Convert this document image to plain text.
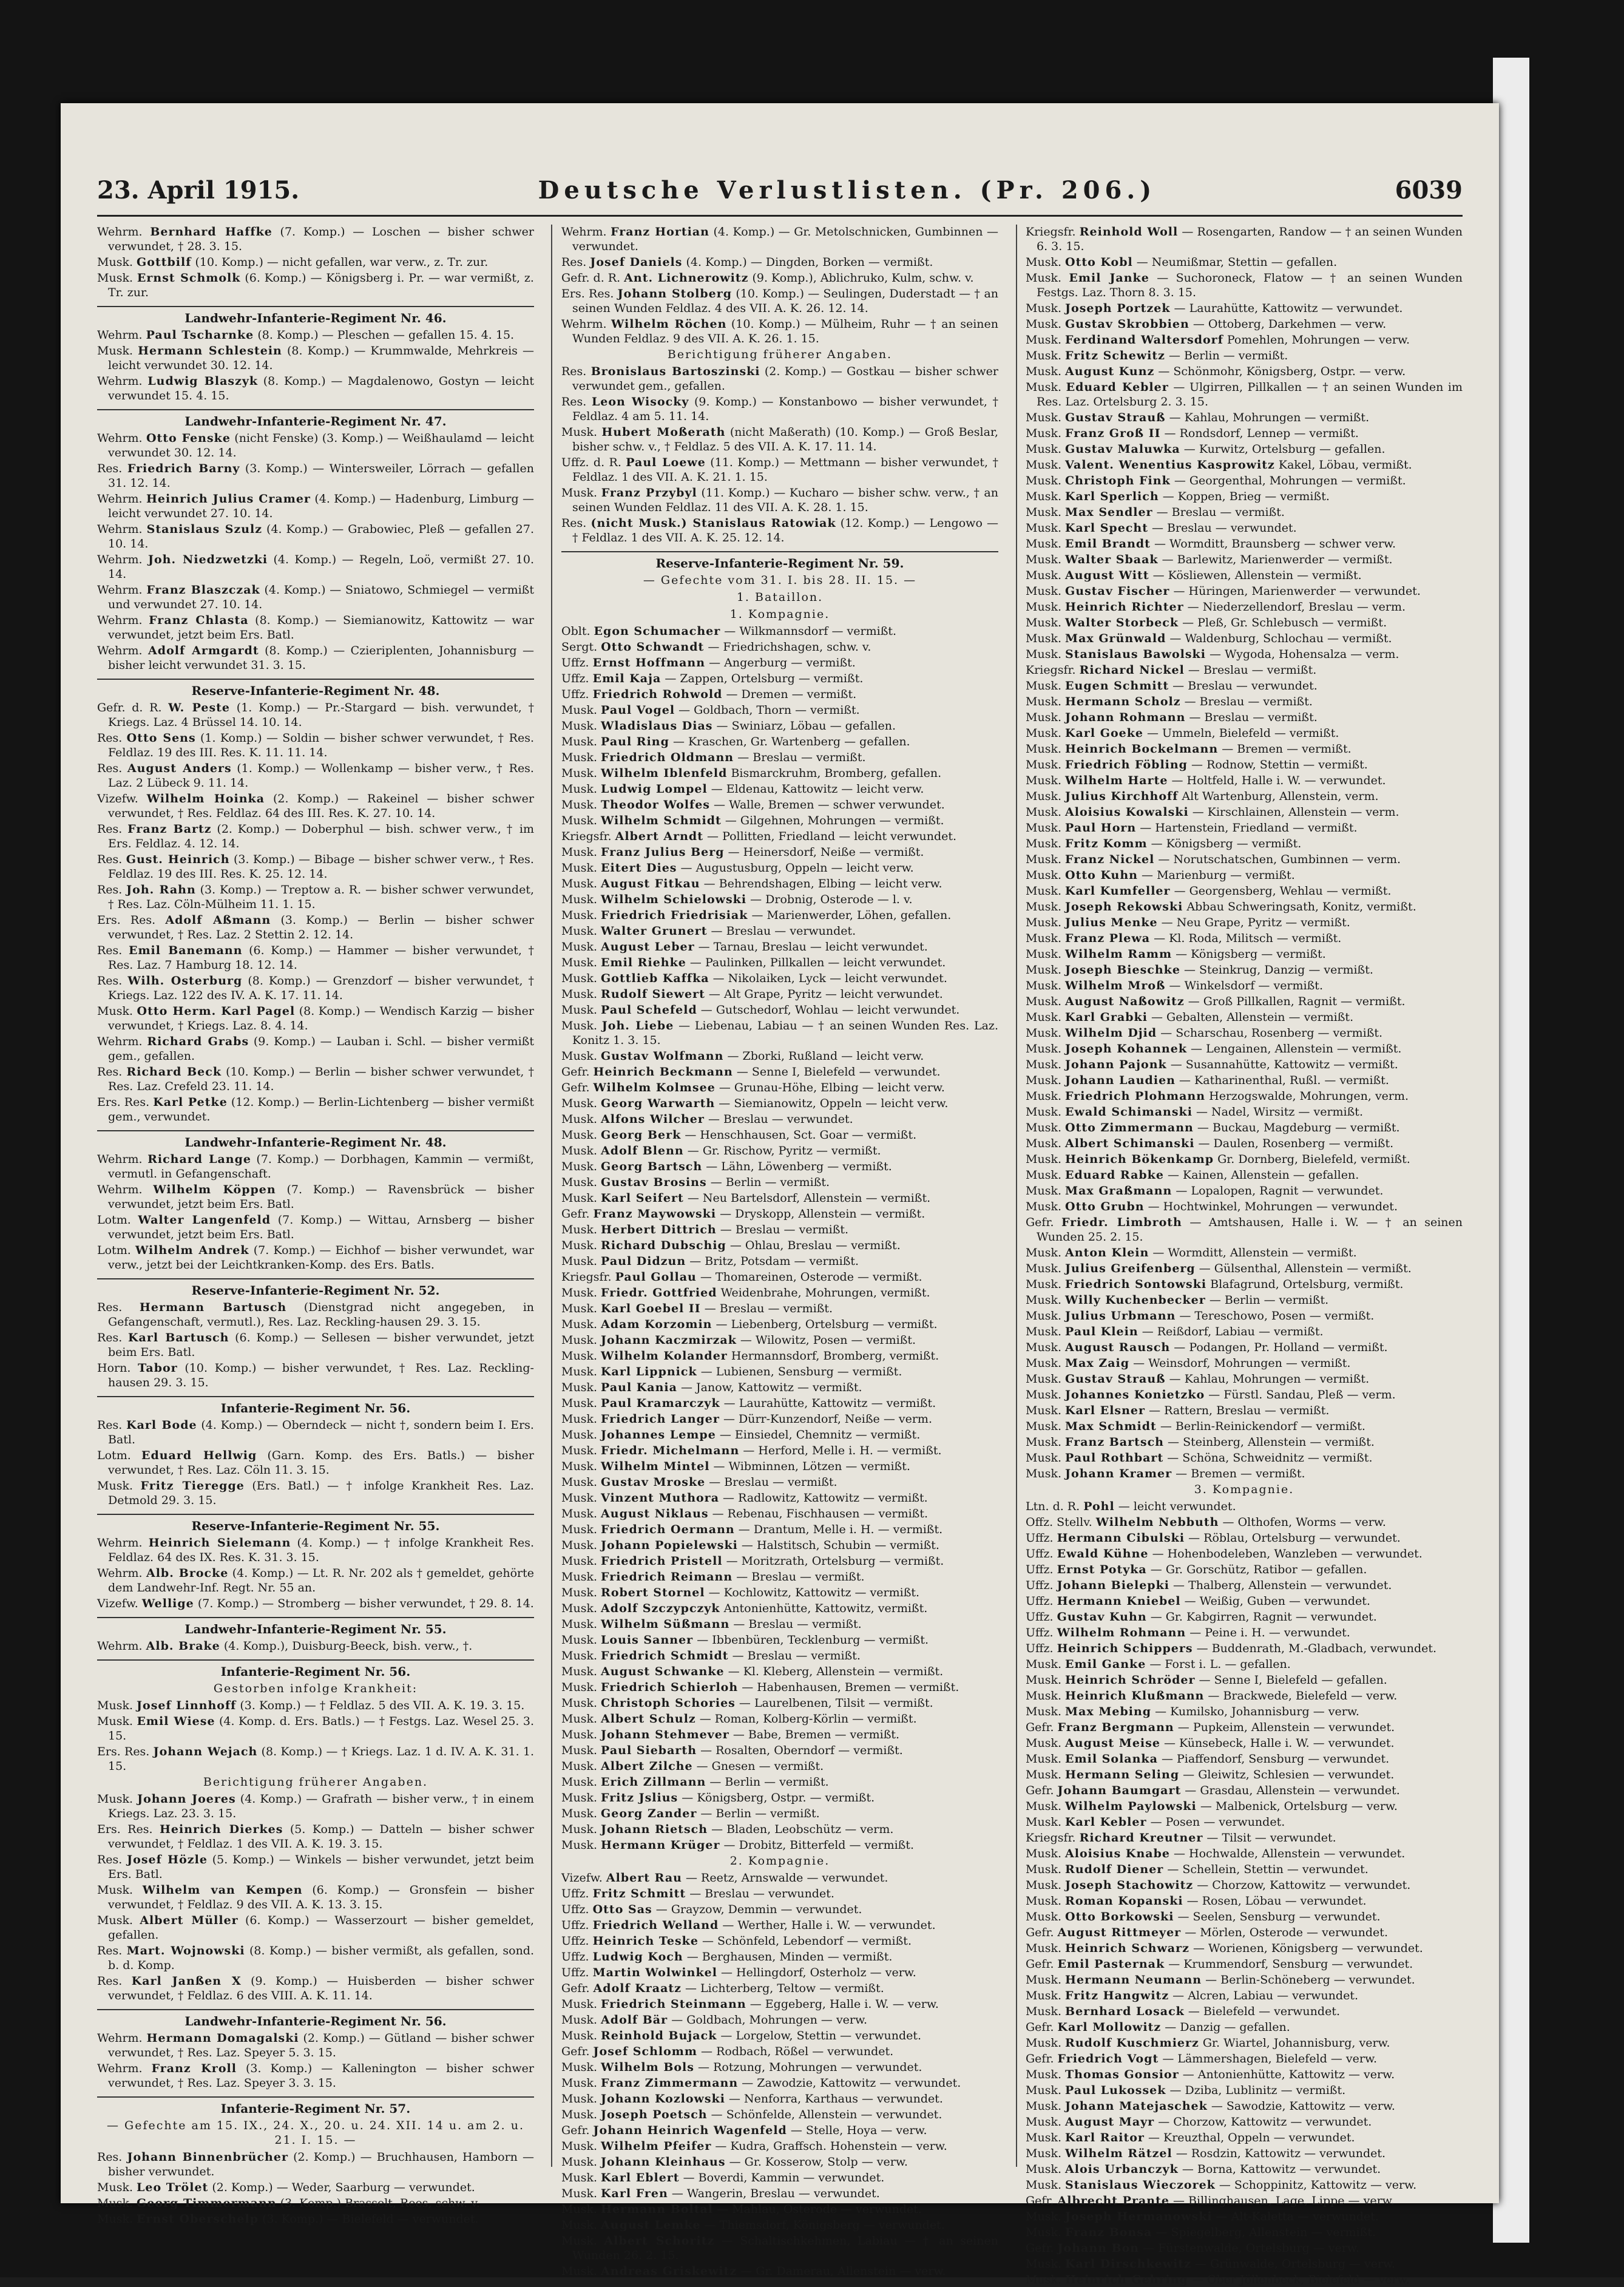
23. April 1915.	Deutsche Verlustlisten. (Pr. 206.)	6039
Wehrm. Bernhard Haffke (7. Komp.) — Loschen — bisher schwer verwundet, † 28. 3. 15.
Musk. Gottbilf (10. Komp.) — nicht gefallen, war verw., z. Tr. zur.
Musk. Ernst Schmolk (6. Komp.) — Königsberg i. Pr. — war vermißt, z. Tr. zur.
Landwehr-Infanterie-Regiment Nr. 46.
Wehrm. Paul Tscharnke (8. Komp.) — Pleschen — gefallen 15. 4. 15.
Musk. Hermann Schlestein (8. Komp.) — Krummwalde, Mehrkreis — leicht verwundet 30. 12. 14.
Wehrm. Ludwig Blaszyk (8. Komp.) — Magdalenowo, Gostyn — leicht verwundet 15. 4. 15.
Landwehr-Infanterie-Regiment Nr. 47.
Wehrm. Otto Fenske (nicht Fenske) (3. Komp.) — Weißhaulamd — leicht verwundet 30. 12. 14.
Res. Friedrich Barny (3. Komp.) — Wintersweiler, Lörrach — gefallen 31. 12. 14.
Wehrm. Heinrich Julius Cramer (4. Komp.) — Hadenburg, Limburg — leicht verwundet 27. 10. 14.
Wehrm. Stanislaus Szulz (4. Komp.) — Grabowiec, Pleß — gefallen 27. 10. 14.
Wehrm. Joh. Niedzwetzki (4. Komp.) — Regeln, Loö, vermißt 27. 10. 14.
Wehrm. Franz Blaszczak (4. Komp.) — Sniatowo, Schmiegel — vermißt und verwundet 27. 10. 14.
Wehrm. Franz Chlasta (8. Komp.) — Siemianowitz, Kattowitz — war verwundet, jetzt beim Ers. Batl.
Wehrm. Adolf Armgardt (8. Komp.) — Czieriplenten, Johannisburg — bisher leicht verwundet 31. 3. 15.
Reserve-Infanterie-Regiment Nr. 48.
Gefr. d. R. W. Peste (1. Komp.) — Pr.-Stargard — bish. verwundet, † Kriegs. Laz. 4 Brüssel 14. 10. 14.
Res. Otto Sens (1. Komp.) — Soldin — bisher schwer verwundet, † Res. Feldlaz. 19 des III. Res. K. 11. 11. 14.
Res. August Anders (1. Komp.) — Wollenkamp — bisher verw., † Res. Laz. 2 Lübeck 9. 11. 14.
Vizefw. Wilhelm Hoinka (2. Komp.) — Rakeinel — bisher schwer verwundet, † Res. Feldlaz. 64 des III. Res. K. 27. 10. 14.
Res. Franz Bartz (2. Komp.) — Doberphul — bish. schwer verw., † im Ers. Feldlaz. 4. 12. 14.
Res. Gust. Heinrich (3. Komp.) — Bibage — bisher schwer verw., † Res. Feldlaz. 19 des III. Res. K. 25. 12. 14.
Res. Joh. Rahn (3. Komp.) — Treptow a. R. — bisher schwer verwundet, † Res. Laz. Cöln-Mülheim 11. 1. 15.
Ers. Res. Adolf Aßmann (3. Komp.) — Berlin — bisher schwer verwundet, † Res. Laz. 2 Stettin 2. 12. 14.
Res. Emil Banemann (6. Komp.) — Hammer — bisher verwundet, † Res. Laz. 7 Hamburg 18. 12. 14.
Res. Wilh. Osterburg (8. Komp.) — Grenzdorf — bisher verwundet, † Kriegs. Laz. 122 des IV. A. K. 17. 11. 14.
Musk. Otto Herm. Karl Pagel (8. Komp.) — Wendisch Karzig — bisher verwundet, † Kriegs. Laz. 8. 4. 14.
Wehrm. Richard Grabs (9. Komp.) — Lauban i. Schl. — bisher vermißt gem., gefallen.
Res. Richard Beck (10. Komp.) — Berlin — bisher schwer verwundet, † Res. Laz. Crefeld 23. 11. 14.
Ers. Res. Karl Petke (12. Komp.) — Berlin-Lichtenberg — bisher vermißt gem., verwundet.
Landwehr-Infanterie-Regiment Nr. 48.
Wehrm. Richard Lange (7. Komp.) — Dorbhagen, Kammin — vermißt, vermutl. in Gefangenschaft.
Wehrm. Wilhelm Köppen (7. Komp.) — Ravensbrück — bisher verwundet, jetzt beim Ers. Batl.
Lotm. Walter Langenfeld (7. Komp.) — Wittau, Arnsberg — bisher verwundet, jetzt beim Ers. Batl.
Lotm. Wilhelm Andrek (7. Komp.) — Eichhof — bisher verwundet, war verw., jetzt bei der Leichtkranken-Komp. des Ers. Batls.
Reserve-Infanterie-Regiment Nr. 52.
Res. Hermann Bartusch (Dienstgrad nicht angegeben, in Gefangenschaft, vermutl.), Res. Laz. Reckling-hausen 29. 3. 15.
Res. Karl Bartusch (6. Komp.) — Sellesen — bisher verwundet, jetzt beim Ers. Batl.
Horn. Tabor (10. Komp.) — bisher verwundet, † Res. Laz. Reckling-hausen 29. 3. 15.
Infanterie-Regiment Nr. 56.
Res. Karl Bode (4. Komp.) — Oberndeck — nicht †, sondern beim I. Ers. Batl.
Lotm. Eduard Hellwig (Garn. Komp. des Ers. Batls.) — bisher verwundet, † Res. Laz. Cöln 11. 3. 15.
Musk. Fritz Tieregge (Ers. Batl.) — † infolge Krankheit Res. Laz. Detmold 29. 3. 15.
Reserve-Infanterie-Regiment Nr. 55.
Wehrm. Heinrich Sielemann (4. Komp.) — † infolge Krankheit Res. Feldlaz. 64 des IX. Res. K. 31. 3. 15.
Wehrm. Alb. Brocke (4. Komp.) — Lt. R. Nr. 202 als † gemeldet, gehörte dem Landwehr-Inf. Regt. Nr. 55 an.
Vizefw. Wellige (7. Komp.) — Stromberg — bisher verwundet, † 29. 8. 14.
Landwehr-Infanterie-Regiment Nr. 55.
Wehrm. Alb. Brake (4. Komp.), Duisburg-Beeck, bish. verw., †.
Infanterie-Regiment Nr. 56.
Gestorben infolge Krankheit:
Musk. Josef Linnhoff (3. Komp.) — † Feldlaz. 5 des VII. A. K. 19. 3. 15.
Musk. Emil Wiese (4. Komp. d. Ers. Batls.) — † Festgs. Laz. Wesel 25. 3. 15.
Ers. Res. Johann Wejach (8. Komp.) — † Kriegs. Laz. 1 d. IV. A. K. 31. 1. 15.
Berichtigung früherer Angaben.
Musk. Johann Joeres (4. Komp.) — Grafrath — bisher verw., † in einem Kriegs. Laz. 23. 3. 15.
Ers. Res. Heinrich Dierkes (5. Komp.) — Datteln — bisher schwer verwundet, † Feldlaz. 1 des VII. A. K. 19. 3. 15.
Res. Josef Hözle (5. Komp.) — Winkels — bisher verwundet, jetzt beim Ers. Batl.
Musk. Wilhelm van Kempen (6. Komp.) — Gronsfein — bisher verwundet, † Feldlaz. 9 des VII. A. K. 13. 3. 15.
Musk. Albert Müller (6. Komp.) — Wasserzourt — bisher gemeldet, gefallen.
Res. Mart. Wojnowski (8. Komp.) — bisher vermißt, als gefallen, sond. b. d. Komp.
Res. Karl Janßen X (9. Komp.) — Huisberden — bisher schwer verwundet, † Feldlaz. 6 des VIII. A. K. 11. 14.
Landwehr-Infanterie-Regiment Nr. 56.
Wehrm. Hermann Domagalski (2. Komp.) — Gütland — bisher schwer verwundet, † Res. Laz. Speyer 5. 3. 15.
Wehrm. Franz Kroll (3. Komp.) — Kallenington — bisher schwer verwundet, † Res. Laz. Speyer 3. 3. 15.
Infanterie-Regiment Nr. 57.
— Gefechte am 15. IX., 24. X., 20. u. 24. XII. 14 u. am 2. u. 21. I. 15. —
Res. Johann Binnenbrücher (2. Komp.) — Bruchhausen, Hamborn — bisher verwundet.
Musk. Leo Trölet (2. Komp.) — Weder, Saarburg — verwundet.
Musk. Georg Timmermann (3. Komp.) Brasselt, Rees, schw. v.
Musk. Ernst Oberschelp (3. Komp.) — Bielefeld — verwundet.
Wehrm. Franz Hortian (4. Komp.) — Gr. Metolschnicken, Gumbinnen — verwundet.
Res. Josef Daniels (4. Komp.) — Dingden, Borken — vermißt.
Gefr. d. R. Ant. Lichnerowitz (9. Komp.), Ablichruko, Kulm, schw. v.
Ers. Res. Johann Stolberg (10. Komp.) — Seulingen, Duderstadt — † an seinen Wunden Feldlaz. 4 des VII. A. K. 26. 12. 14.
Wehrm. Wilhelm Röchen (10. Komp.) — Mülheim, Ruhr — † an seinen Wunden Feldlaz. 9 des VII. A. K. 26. 1. 15.
Berichtigung früherer Angaben.
Res. Bronislaus Bartoszinski (2. Komp.) — Gostkau — bisher schwer verwundet gem., gefallen.
Res. Leon Wisocky (9. Komp.) — Konstanbowo — bisher verwundet, † Feldlaz. 4 am 5. 11. 14.
Musk. Hubert Moßerath (nicht Maßerath) (10. Komp.) — Groß Beslar, bisher schw. v., † Feldlaz. 5 des VII. A. K. 17. 11. 14.
Uffz. d. R. Paul Loewe (11. Komp.) — Mettmann — bisher verwundet, † Feldlaz. 1 des VII. A. K. 21. 1. 15.
Musk. Franz Przybyl (11. Komp.) — Kucharo — bisher schw. verw., † an seinen Wunden Feldlaz. 11 des VII. A. K. 28. 1. 15.
Res. (nicht Musk.) Stanislaus Ratowiak (12. Komp.) — Lengowo — † Feldlaz. 1 des VII. A. K. 25. 12. 14.
Reserve-Infanterie-Regiment Nr. 59.
— Gefechte vom 31. I. bis 28. II. 15. —
1. Bataillon.
1. Kompagnie.
Oblt. Egon Schumacher — Wilkmannsdorf — vermißt.
Sergt. Otto Schwandt — Friedrichshagen, schw. v.
Uffz. Ernst Hoffmann — Angerburg — vermißt.
Uffz. Emil Kaja — Zappen, Ortelsburg — vermißt.
Uffz. Friedrich Rohwold — Dremen — vermißt.
Musk. Paul Vogel — Goldbach, Thorn — vermißt.
Musk. Wladislaus Dias — Swiniarz, Löbau — gefallen.
Musk. Paul Ring — Kraschen, Gr. Wartenberg — gefallen.
Musk. Friedrich Oldmann — Breslau — vermißt.
Musk. Wilhelm Iblenfeld Bismarckruhm, Bromberg, gefallen.
Musk. Ludwig Lompel — Eldenau, Kattowitz — leicht verw.
Musk. Theodor Wolfes — Walle, Bremen — schwer verwundet.
Musk. Wilhelm Schmidt — Gilgehnen, Mohrungen — vermißt.
Kriegsfr. Albert Arndt — Pollitten, Friedland — leicht verwundet.
Musk. Franz Julius Berg — Heinersdorf, Neiße — vermißt.
Musk. Eitert Dies — Augustusburg, Oppeln — leicht verw.
Musk. August Fitkau — Behrendshagen, Elbing — leicht verw.
Musk. Wilhelm Schielowski — Drobnig, Osterode — l. v.
Musk. Friedrich Friedrisiak — Marienwerder, Löhen, gefallen.
Musk. Walter Grunert — Breslau — verwundet.
Musk. August Leber — Tarnau, Breslau — leicht verwundet.
Musk. Emil Riehke — Paulinken, Pillkallen — leicht verwundet.
Musk. Gottlieb Kaffka — Nikolaiken, Lyck — leicht verwundet.
Musk. Rudolf Siewert — Alt Grape, Pyritz — leicht verwundet.
Musk. Paul Schefeld — Gutschedorf, Wohlau — leicht verwundet.
Musk. Joh. Liebe — Liebenau, Labiau — † an seinen Wunden Res. Laz. Konitz 1. 3. 15.
Musk. Gustav Wolfmann — Zborki, Rußland — leicht verw.
Gefr. Heinrich Beckmann — Senne I, Bielefeld — verwundet.
Gefr. Wilhelm Kolmsee — Grunau-Höhe, Elbing — leicht verw.
Musk. Georg Warwarth — Siemianowitz, Oppeln — leicht verw.
Musk. Alfons Wilcher — Breslau — verwundet.
Musk. Georg Berk — Henschhausen, Sct. Goar — vermißt.
Musk. Adolf Blenn — Gr. Rischow, Pyritz — vermißt.
Musk. Georg Bartsch — Lähn, Löwenberg — vermißt.
Musk. Gustav Brosins — Berlin — vermißt.
Musk. Karl Seifert — Neu Bartelsdorf, Allenstein — vermißt.
Gefr. Franz Maywowski — Dryskopp, Allenstein — vermißt.
Musk. Herbert Dittrich — Breslau — vermißt.
Musk. Richard Dubschig — Ohlau, Breslau — vermißt.
Musk. Paul Didzun — Britz, Potsdam — vermißt.
Kriegsfr. Paul Gollau — Thomareinen, Osterode — vermißt.
Musk. Friedr. Gottfried Weidenbrahe, Mohrungen, vermißt.
Musk. Karl Goebel II — Breslau — vermißt.
Musk. Adam Korzomin — Liebenberg, Ortelsburg — vermißt.
Musk. Johann Kaczmirzak — Wilowitz, Posen — vermißt.
Musk. Wilhelm Kolander Hermannsdorf, Bromberg, vermißt.
Musk. Karl Lippnick — Lubienen, Sensburg — vermißt.
Musk. Paul Kania — Janow, Kattowitz — vermißt.
Musk. Paul Kramarczyk — Laurahütte, Kattowitz — vermißt.
Musk. Friedrich Langer — Dürr-Kunzendorf, Neiße — verm.
Musk. Johannes Lempe — Einsiedel, Chemnitz — vermißt.
Musk. Friedr. Michelmann — Herford, Melle i. H. — vermißt.
Musk. Wilhelm Mintel — Wibminnen, Lötzen — vermißt.
Musk. Gustav Mroske — Breslau — vermißt.
Musk. Vinzent Muthora — Radlowitz, Kattowitz — vermißt.
Musk. August Niklaus — Rebenau, Fischhausen — vermißt.
Musk. Friedrich Oermann — Drantum, Melle i. H. — vermißt.
Musk. Johann Popielewski — Halstitsch, Schubin — vermißt.
Musk. Friedrich Pristell — Moritzrath, Ortelsburg — vermißt.
Musk. Friedrich Reimann — Breslau — vermißt.
Musk. Robert Stornel — Kochlowitz, Kattowitz — vermißt.
Musk. Adolf Szczypczyk Antonienhütte, Kattowitz, vermißt.
Musk. Wilhelm Süßmann — Breslau — vermißt.
Musk. Louis Sanner — Ibbenbüren, Tecklenburg — vermißt.
Musk. Friedrich Schmidt — Breslau — vermißt.
Musk. August Schwanke — Kl. Kleberg, Allenstein — vermißt.
Musk. Friedrich Schierloh — Habenhausen, Bremen — vermißt.
Musk. Christoph Schories — Laurelbenen, Tilsit — vermißt.
Musk. Albert Schulz — Roman, Kolberg-Körlin — vermißt.
Musk. Johann Stehmever — Babe, Bremen — vermißt.
Musk. Paul Siebarth — Rosalten, Oberndorf — vermißt.
Musk. Albert Zilche — Gnesen — vermißt.
Musk. Erich Zillmann — Berlin — vermißt.
Musk. Fritz Jslius — Königsberg, Ostpr. — vermißt.
Musk. Georg Zander — Berlin — vermißt.
Musk. Johann Rietsch — Bladen, Leobschütz — verm.
Musk. Hermann Krüger — Drobitz, Bitterfeld — vermißt.
2. Kompagnie.
Vizefw. Albert Rau — Reetz, Arnswalde — verwundet.
Uffz. Fritz Schmitt — Breslau — verwundet.
Uffz. Otto Sas — Grayzow, Demmin — verwundet.
Uffz. Friedrich Welland — Werther, Halle i. W. — verwundet.
Uffz. Heinrich Teske — Schönfeld, Lebendorf — vermißt.
Uffz. Ludwig Koch — Berghausen, Minden — vermißt.
Uffz. Martin Wolwinkel — Hellingdorf, Osterholz — verw.
Gefr. Adolf Kraatz — Lichterberg, Teltow — vermißt.
Musk. Friedrich Steinmann — Eggeberg, Halle i. W. — verw.
Musk. Adolf Bär — Goldbach, Mohrungen — verw.
Musk. Reinhold Bujack — Lorgelow, Stettin — verwundet.
Gefr. Josef Schlomm — Rodbach, Rößel — verwundet.
Musk. Wilhelm Bols — Rotzung, Mohrungen — verwundet.
Musk. Franz Zimmermann — Zawodzie, Kattowitz — verwundet.
Musk. Johann Kozlowski — Nenforra, Karthaus — verwundet.
Musk. Joseph Poetsch — Schönfelde, Allenstein — verwundet.
Gefr. Johann Heinrich Wagenfeld — Stelle, Hoya — verw.
Musk. Wilhelm Pfeifer — Kudra, Graffsch. Hohenstein — verw.
Musk. Johann Kleinhaus — Gr. Kosserow, Stolp — verw.
Musk. Karl Eblert — Boverdi, Kammin — verwundet.
Musk. Karl Fren — Wangerin, Breslau — verwundet.
Musk. Hermann Boltal — Mahlau, Osterode — verwundet.
Musk. August Lemke — Thiemsdorf, Königsberg — verwundet.
Musk. Albert Schoritz — Schaltischkehmen, Labiau — † an seinen Wunden 26. 2. 15.
Musk. Andreas Griskewitz — Gr. Damerau, Allenstein — verw.
Kriegsfr. Reinhold Woll — Rosengarten, Randow — † an seinen Wunden 6. 3. 15.
Musk. Otto Kobl — Neumißmar, Stettin — gefallen.
Musk. Emil Janke — Suchoroneck, Flatow — † an seinen Wunden Festgs. Laz. Thorn 8. 3. 15.
Musk. Joseph Portzek — Laurahütte, Kattowitz — verwundet.
Musk. Gustav Skrobbien — Ottoberg, Darkehmen — verw.
Musk. Ferdinand Waltersdorf Pomehlen, Mohrungen — verw.
Musk. Fritz Schewitz — Berlin — vermißt.
Musk. August Kunz — Schönmohr, Königsberg, Ostpr. — verw.
Musk. Eduard Kebler — Ulgirren, Pillkallen — † an seinen Wunden im Res. Laz. Ortelsburg 2. 3. 15.
Musk. Gustav Strauß — Kahlau, Mohrungen — vermißt.
Musk. Franz Groß II — Rondsdorf, Lennep — vermißt.
Musk. Gustav Maluwka — Kurwitz, Ortelsburg — gefallen.
Musk. Valent. Wenentius Kasprowitz Kakel, Löbau, vermißt.
Musk. Christoph Fink — Georgenthal, Mohrungen — vermißt.
Musk. Karl Sperlich — Koppen, Brieg — vermißt.
Musk. Max Sendler — Breslau — vermißt.
Musk. Karl Specht — Breslau — verwundet.
Musk. Emil Brandt — Wormditt, Braunsberg — schwer verw.
Musk. Walter Sbaak — Barlewitz, Marienwerder — vermißt.
Musk. August Witt — Kösliewen, Allenstein — vermißt.
Musk. Gustav Fischer — Hüringen, Marienwerder — verwundet.
Musk. Heinrich Richter — Niederzellendorf, Breslau — verm.
Musk. Walter Storbeck — Pleß, Gr. Schlebusch — vermißt.
Musk. Max Grünwald — Waldenburg, Schlochau — vermißt.
Musk. Stanislaus Bawolski — Wygoda, Hohensalza — verm.
Kriegsfr. Richard Nickel — Breslau — vermißt.
Musk. Eugen Schmitt — Breslau — verwundet.
Musk. Hermann Scholz — Breslau — vermißt.
Musk. Johann Rohmann — Breslau — vermißt.
Musk. Karl Goeke — Ummeln, Bielefeld — vermißt.
Musk. Heinrich Bockelmann — Bremen — vermißt.
Musk. Friedrich Föbling — Rodnow, Stettin — vermißt.
Musk. Wilhelm Harte — Holtfeld, Halle i. W. — verwundet.
Musk. Julius Kirchhoff Alt Wartenburg, Allenstein, verm.
Musk. Aloisius Kowalski — Kirschlainen, Allenstein — verm.
Musk. Paul Horn — Hartenstein, Friedland — vermißt.
Musk. Fritz Komm — Königsberg — vermißt.
Musk. Franz Nickel — Norutschatschen, Gumbinnen — verm.
Musk. Otto Kuhn — Marienburg — vermißt.
Musk. Karl Kumfeller — Georgensberg, Wehlau — vermißt.
Musk. Joseph Rekowski Abbau Schweringsath, Konitz, vermißt.
Musk. Julius Menke — Neu Grape, Pyritz — vermißt.
Musk. Franz Plewa — Kl. Roda, Militsch — vermißt.
Musk. Wilhelm Ramm — Königsberg — vermißt.
Musk. Joseph Bieschke — Steinkrug, Danzig — vermißt.
Musk. Wilhelm Mroß — Winkelsdorf — vermißt.
Musk. August Naßowitz — Groß Pillkallen, Ragnit — vermißt.
Musk. Karl Grabki — Gebalten, Allenstein — vermißt.
Musk. Wilhelm Djid — Scharschau, Rosenberg — vermißt.
Musk. Joseph Kohannek — Lengainen, Allenstein — vermißt.
Musk. Johann Pajonk — Susannahütte, Kattowitz — vermißt.
Musk. Johann Laudien — Katharinenthal, Rußl. — vermißt.
Musk. Friedrich Plohmann Herzogswalde, Mohrungen, verm.
Musk. Ewald Schimanski — Nadel, Wirsitz — vermißt.
Musk. Otto Zimmermann — Buckau, Magdeburg — vermißt.
Musk. Albert Schimanski — Daulen, Rosenberg — vermißt.
Musk. Heinrich Bökenkamp Gr. Dornberg, Bielefeld, vermißt.
Musk. Eduard Rabke — Kainen, Allenstein — gefallen.
Musk. Max Graßmann — Lopalopen, Ragnit — verwundet.
Musk. Otto Grubn — Hochtwinkel, Mohrungen — verwundet.
Gefr. Friedr. Limbroth — Amtshausen, Halle i. W. — † an seinen Wunden 25. 2. 15.
Musk. Anton Klein — Wormditt, Allenstein — vermißt.
Musk. Julius Greifenberg — Gülsenthal, Allenstein — vermißt.
Musk. Friedrich Sontowski Blafagrund, Ortelsburg, vermißt.
Musk. Willy Kuchenbecker — Berlin — vermißt.
Musk. Julius Urbmann — Tereschowo, Posen — vermißt.
Musk. Paul Klein — Reißdorf, Labiau — vermißt.
Musk. August Rausch — Podangen, Pr. Holland — vermißt.
Musk. Max Zaig — Weinsdorf, Mohrungen — vermißt.
Musk. Gustav Strauß — Kahlau, Mohrungen — vermißt.
Musk. Johannes Konietzko — Fürstl. Sandau, Pleß — verm.
Musk. Karl Elsner — Rattern, Breslau — vermißt.
Musk. Max Schmidt — Berlin-Reinickendorf — vermißt.
Musk. Franz Bartsch — Steinberg, Allenstein — vermißt.
Musk. Paul Rothbart — Schöna, Schweidnitz — vermißt.
Musk. Johann Kramer — Bremen — vermißt.
3. Kompagnie.
Ltn. d. R. Pohl — leicht verwundet.
Offz. Stellv. Wilhelm Nebbuth — Olthofen, Worms — verw.
Uffz. Hermann Cibulski — Röblau, Ortelsburg — verwundet.
Uffz. Ewald Kühne — Hohenbodeleben, Wanzleben — verwundet.
Uffz. Ernst Potyka — Gr. Gorschütz, Ratibor — gefallen.
Uffz. Johann Bielepki — Thalberg, Allenstein — verwundet.
Uffz. Hermann Kniebel — Weißig, Guben — verwundet.
Uffz. Gustav Kuhn — Gr. Kabgirren, Ragnit — verwundet.
Uffz. Wilhelm Rohmann — Peine i. H. — verwundet.
Uffz. Heinrich Schippers — Buddenrath, M.-Gladbach, verwundet.
Musk. Emil Ganke — Forst i. L. — gefallen.
Musk. Heinrich Schröder — Senne I, Bielefeld — gefallen.
Musk. Heinrich Klußmann — Brackwede, Bielefeld — verw.
Musk. Max Mebing — Kumilsko, Johannisburg — verw.
Gefr. Franz Bergmann — Pupkeim, Allenstein — verwundet.
Musk. August Meise — Künsebeck, Halle i. W. — verwundet.
Musk. Emil Solanka — Piaffendorf, Sensburg — verwundet.
Musk. Hermann Seling — Gleiwitz, Schlesien — verwundet.
Gefr. Johann Baumgart — Grasdau, Allenstein — verwundet.
Musk. Wilhelm Paylowski — Malbenick, Ortelsburg — verw.
Musk. Karl Kebler — Posen — verwundet.
Kriegsfr. Richard Kreutner — Tilsit — verwundet.
Musk. Aloisius Knabe — Hochwalde, Allenstein — verwundet.
Musk. Rudolf Diener — Schellein, Stettin — verwundet.
Musk. Joseph Stachowitz — Chorzow, Kattowitz — verwundet.
Musk. Roman Kopanski — Rosen, Löbau — verwundet.
Musk. Otto Borkowski — Seelen, Sensburg — verwundet.
Gefr. August Rittmeyer — Mörlen, Osterode — verwundet.
Musk. Heinrich Schwarz — Worienen, Königsberg — verwundet.
Gefr. Emil Pasternak — Krummendorf, Sensburg — verwundet.
Musk. Hermann Neumann — Berlin-Schöneberg — verwundet.
Musk. Fritz Hangwitz — Alcren, Labiau — verwundet.
Musk. Bernhard Losack — Bielefeld — verwundet.
Gefr. Karl Mollowitz — Danzig — gefallen.
Musk. Rudolf Kuschmierz Gr. Wiartel, Johannisburg, verw.
Gefr. Friedrich Vogt — Lämmershagen, Bielefeld — verw.
Musk. Thomas Gonsior — Antonienhütte, Kattowitz — verw.
Musk. Paul Lukossek — Dziba, Lublinitz — vermißt.
Musk. Johann Matejaschek — Sawodzie, Kattowitz — verw.
Musk. August Mayr — Chorzow, Kattowitz — verwundet.
Musk. Karl Raitor — Kreuzthal, Oppeln — verwundet.
Musk. Wilhelm Rätzel — Rosdzin, Kattowitz — verwundet.
Musk. Alois Urbanczyk — Borna, Kattowitz — verwundet.
Musk. Stanislaus Wieczorek — Schoppinitz, Kattowitz — verw.
Gefr. Albrecht Prante — Billinghausen, Lage, Lippe — verw.
Musk. Joseph Hermanowski — Alt-Kaletta — verwundet.
Musk. Franz Bonsa — Spiegelberg, Allenstein — vermißt.
Gefr. Johann Bon — Fürstenwalde, Ortelsburg — verw.
Musk. Karl Dirschkewitz — Grünwalde, Ortelsburg — verw.
Musk. Heinrich Gehring — Ober Jöllenbeck, Bielefeld — verw.
